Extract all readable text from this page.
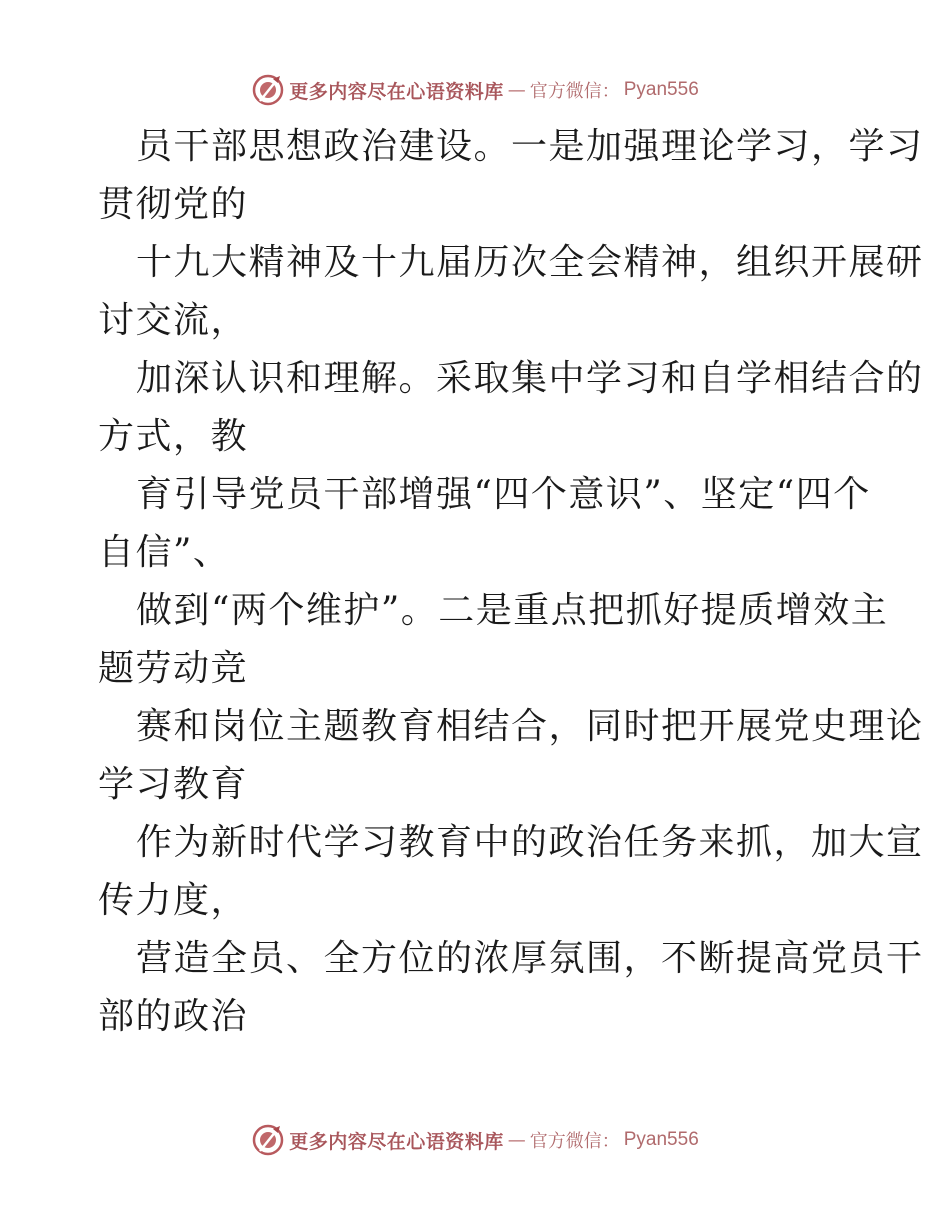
更多内容尽在心语资料库 — 官方微信： Pyan556
员干部思想政治建设。一是加强理论学习，学习
贯彻党的
十九大精神及十九届历次全会精神，组织开展研
讨交流，
加深认识和理解。采取集中学习和自学相结合的
方式，教
育引导党员干部增强“四个意识”、坚定“四个
自信”、
做到“两个维护”。二是重点把抓好提质增效主
题劳动竞
赛和岗位主题教育相结合，同时把开展党史理论
学习教育
作为新时代学习教育中的政治任务来抓，加大宣
传力度，
营造全员、全方位的浓厚氛围，不断提高党员干
部的政治
更多内容尽在心语资料库 — 官方微信： Pyan556
